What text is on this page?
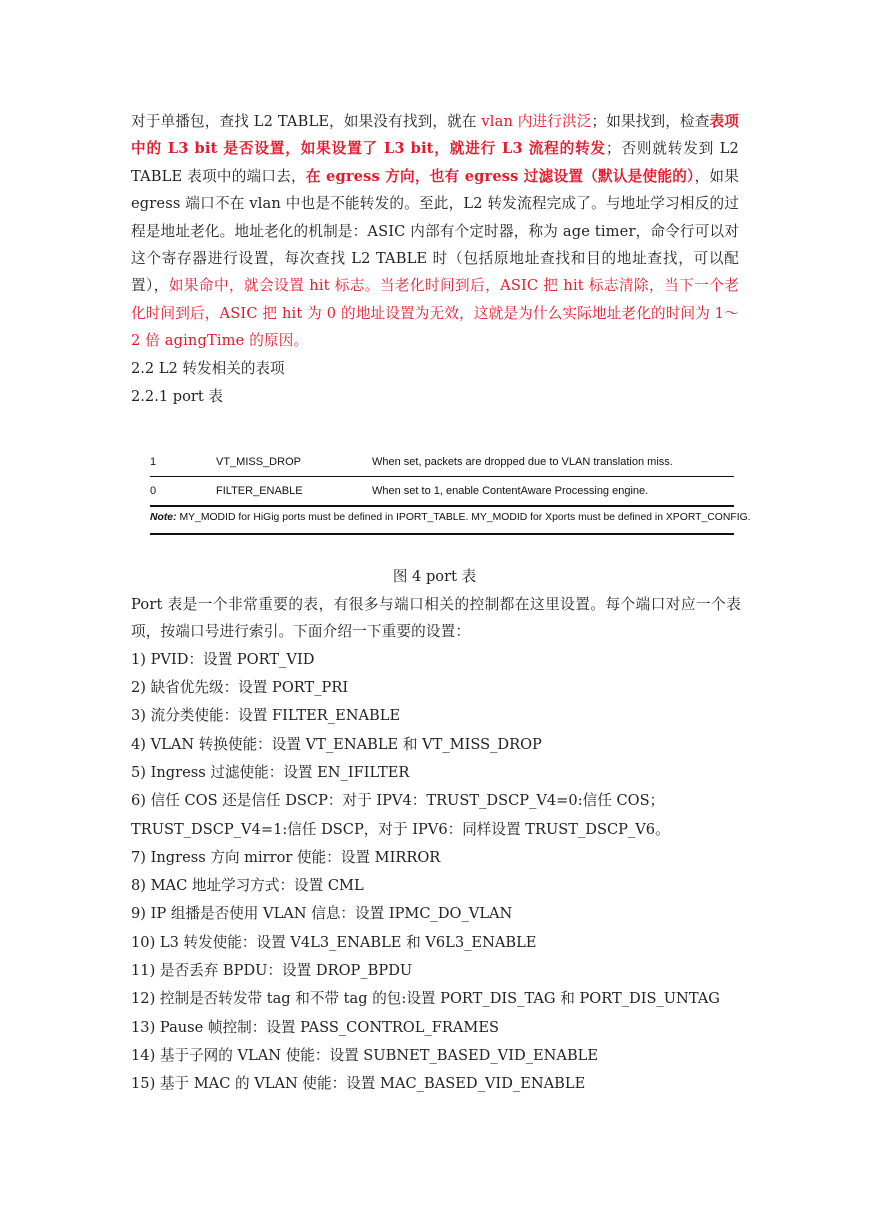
对于单播包，查找 L2 TABLE，如果没有找到，就在 vlan 内进行洪泛；如果找到，检查表项中的 L3 bit 是否设置，如果设置了 L3 bit，就进行 L3 流程的转发；否则就转发到 L2 TABLE 表项中的端口去，在 egress 方向，也有 egress 过滤设置（默认是使能的），如果 egress 端口不在 vlan 中也是不能转发的。至此，L2 转发流程完成了。与地址学习相反的过程是地址老化。地址老化的机制是：ASIC 内部有个定时器，称为 age timer，命令行可以对这个寄存器进行设置，每次查找 L2 TABLE 时（包括原地址查找和目的地址查找，可以配置），如果命中，就会设置 hit 标志。当老化时间到后，ASIC 把 hit 标志清除，当下一个老化时间到后，ASIC 把 hit 为 0 的地址设置为无效，这就是为什么实际地址老化的时间为 1～2 倍 agingTime 的原因。

2.2 L2 转发相关的表项

2.2.1 port 表

1	VT_MISS_DROP	When set, packets are dropped due to VLAN translation miss.
0	FILTER_ENABLE	When set to 1, enable ContentAware Processing engine.
Note: MY_MODID for HiGig ports must be defined in IPORT_TABLE. MY_MODID for Xports must be defined in XPORT_CONFIG.
图 4 port 表

Port 表是一个非常重要的表，有很多与端口相关的控制都在这里设置。每个端口对应一个表项，按端口号进行索引。下面介绍一下重要的设置：

1) PVID：设置 PORT_VID

2) 缺省优先级：设置 PORT_PRI

3) 流分类使能：设置 FILTER_ENABLE

4) VLAN 转换使能：设置 VT_ENABLE 和 VT_MISS_DROP

5) Ingress 过滤使能：设置 EN_IFILTER

6) 信任 COS 还是信任 DSCP：对于 IPV4：TRUST_DSCP_V4=0:信任 COS；

TRUST_DSCP_V4=1:信任 DSCP，对于 IPV6：同样设置 TRUST_DSCP_V6。

7) Ingress 方向 mirror 使能：设置 MIRROR

8) MAC 地址学习方式：设置 CML

9) IP 组播是否使用 VLAN 信息：设置 IPMC_DO_VLAN

10) L3 转发使能：设置 V4L3_ENABLE 和 V6L3_ENABLE

11) 是否丢弃 BPDU：设置 DROP_BPDU

12) 控制是否转发带 tag 和不带 tag 的包:设置 PORT_DIS_TAG 和 PORT_DIS_UNTAG

13) Pause 帧控制：设置 PASS_CONTROL_FRAMES

14) 基于子网的 VLAN 使能：设置 SUBNET_BASED_VID_ENABLE

15) 基于 MAC 的 VLAN 使能：设置 MAC_BASED_VID_ENABLE
